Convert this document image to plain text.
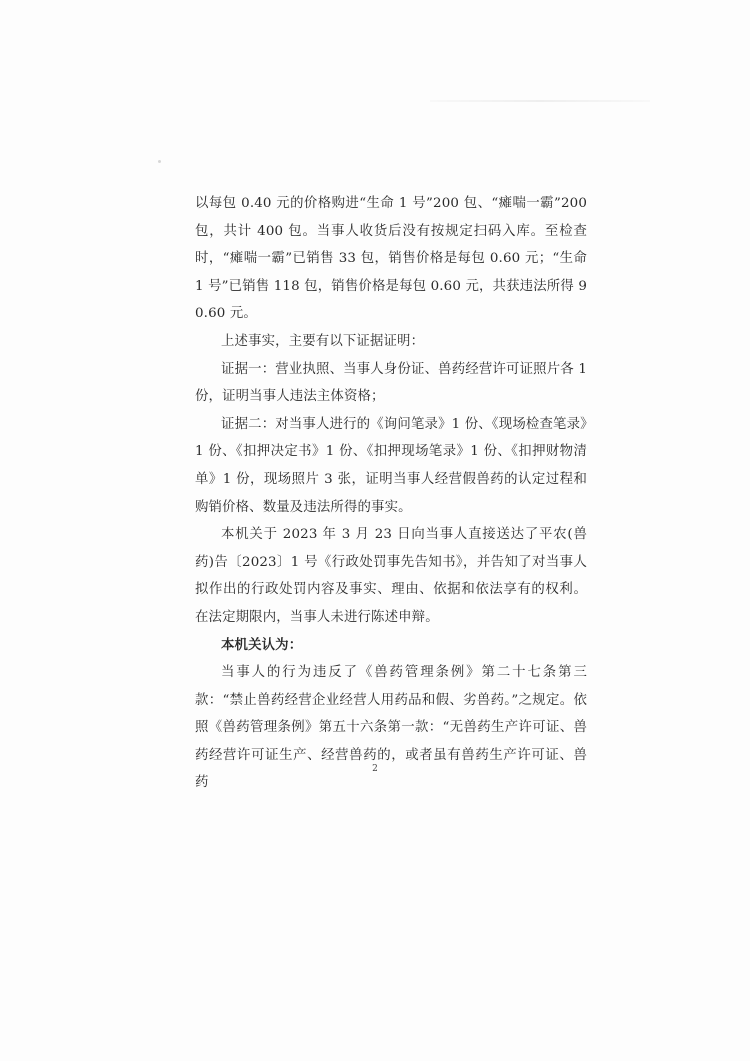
以每包 0.40 元的价格购进“生命 1 号”200 包、“瘫喘一霸”200 包，共计 400 包。当事人收货后没有按规定扫码入库。至检查时，“瘫喘一霸”已销售 33 包，销售价格是每包 0.60 元；“生命 1 号”已销售 118 包，销售价格是每包 0.60 元，共获违法所得 90.60 元。

上述事实，主要有以下证据证明：

证据一：营业执照、当事人身份证、兽药经营许可证照片各 1 份，证明当事人违法主体资格；

证据二：对当事人进行的《询问笔录》1 份、《现场检查笔录》1 份、《扣押决定书》1 份、《扣押现场笔录》1 份、《扣押财物清单》1 份，现场照片 3 张，证明当事人经营假兽药的认定过程和购销价格、数量及违法所得的事实。

本机关于 2023 年 3 月 23 日向当事人直接送达了平农(兽药)告〔2023〕1 号《行政处罚事先告知书》，并告知了对当事人拟作出的行政处罚内容及事实、理由、依据和依法享有的权利。在法定期限内，当事人未进行陈述申辩。

本机关认为：

当事人的行为违反了《兽药管理条例》第二十七条第三款：“禁止兽药经营企业经营人用药品和假、劣兽药。”之规定。依照《兽药管理条例》第五十六条第一款：“无兽药生产许可证、兽药经营许可证生产、经营兽药的，或者虽有兽药生产许可证、兽药

2
